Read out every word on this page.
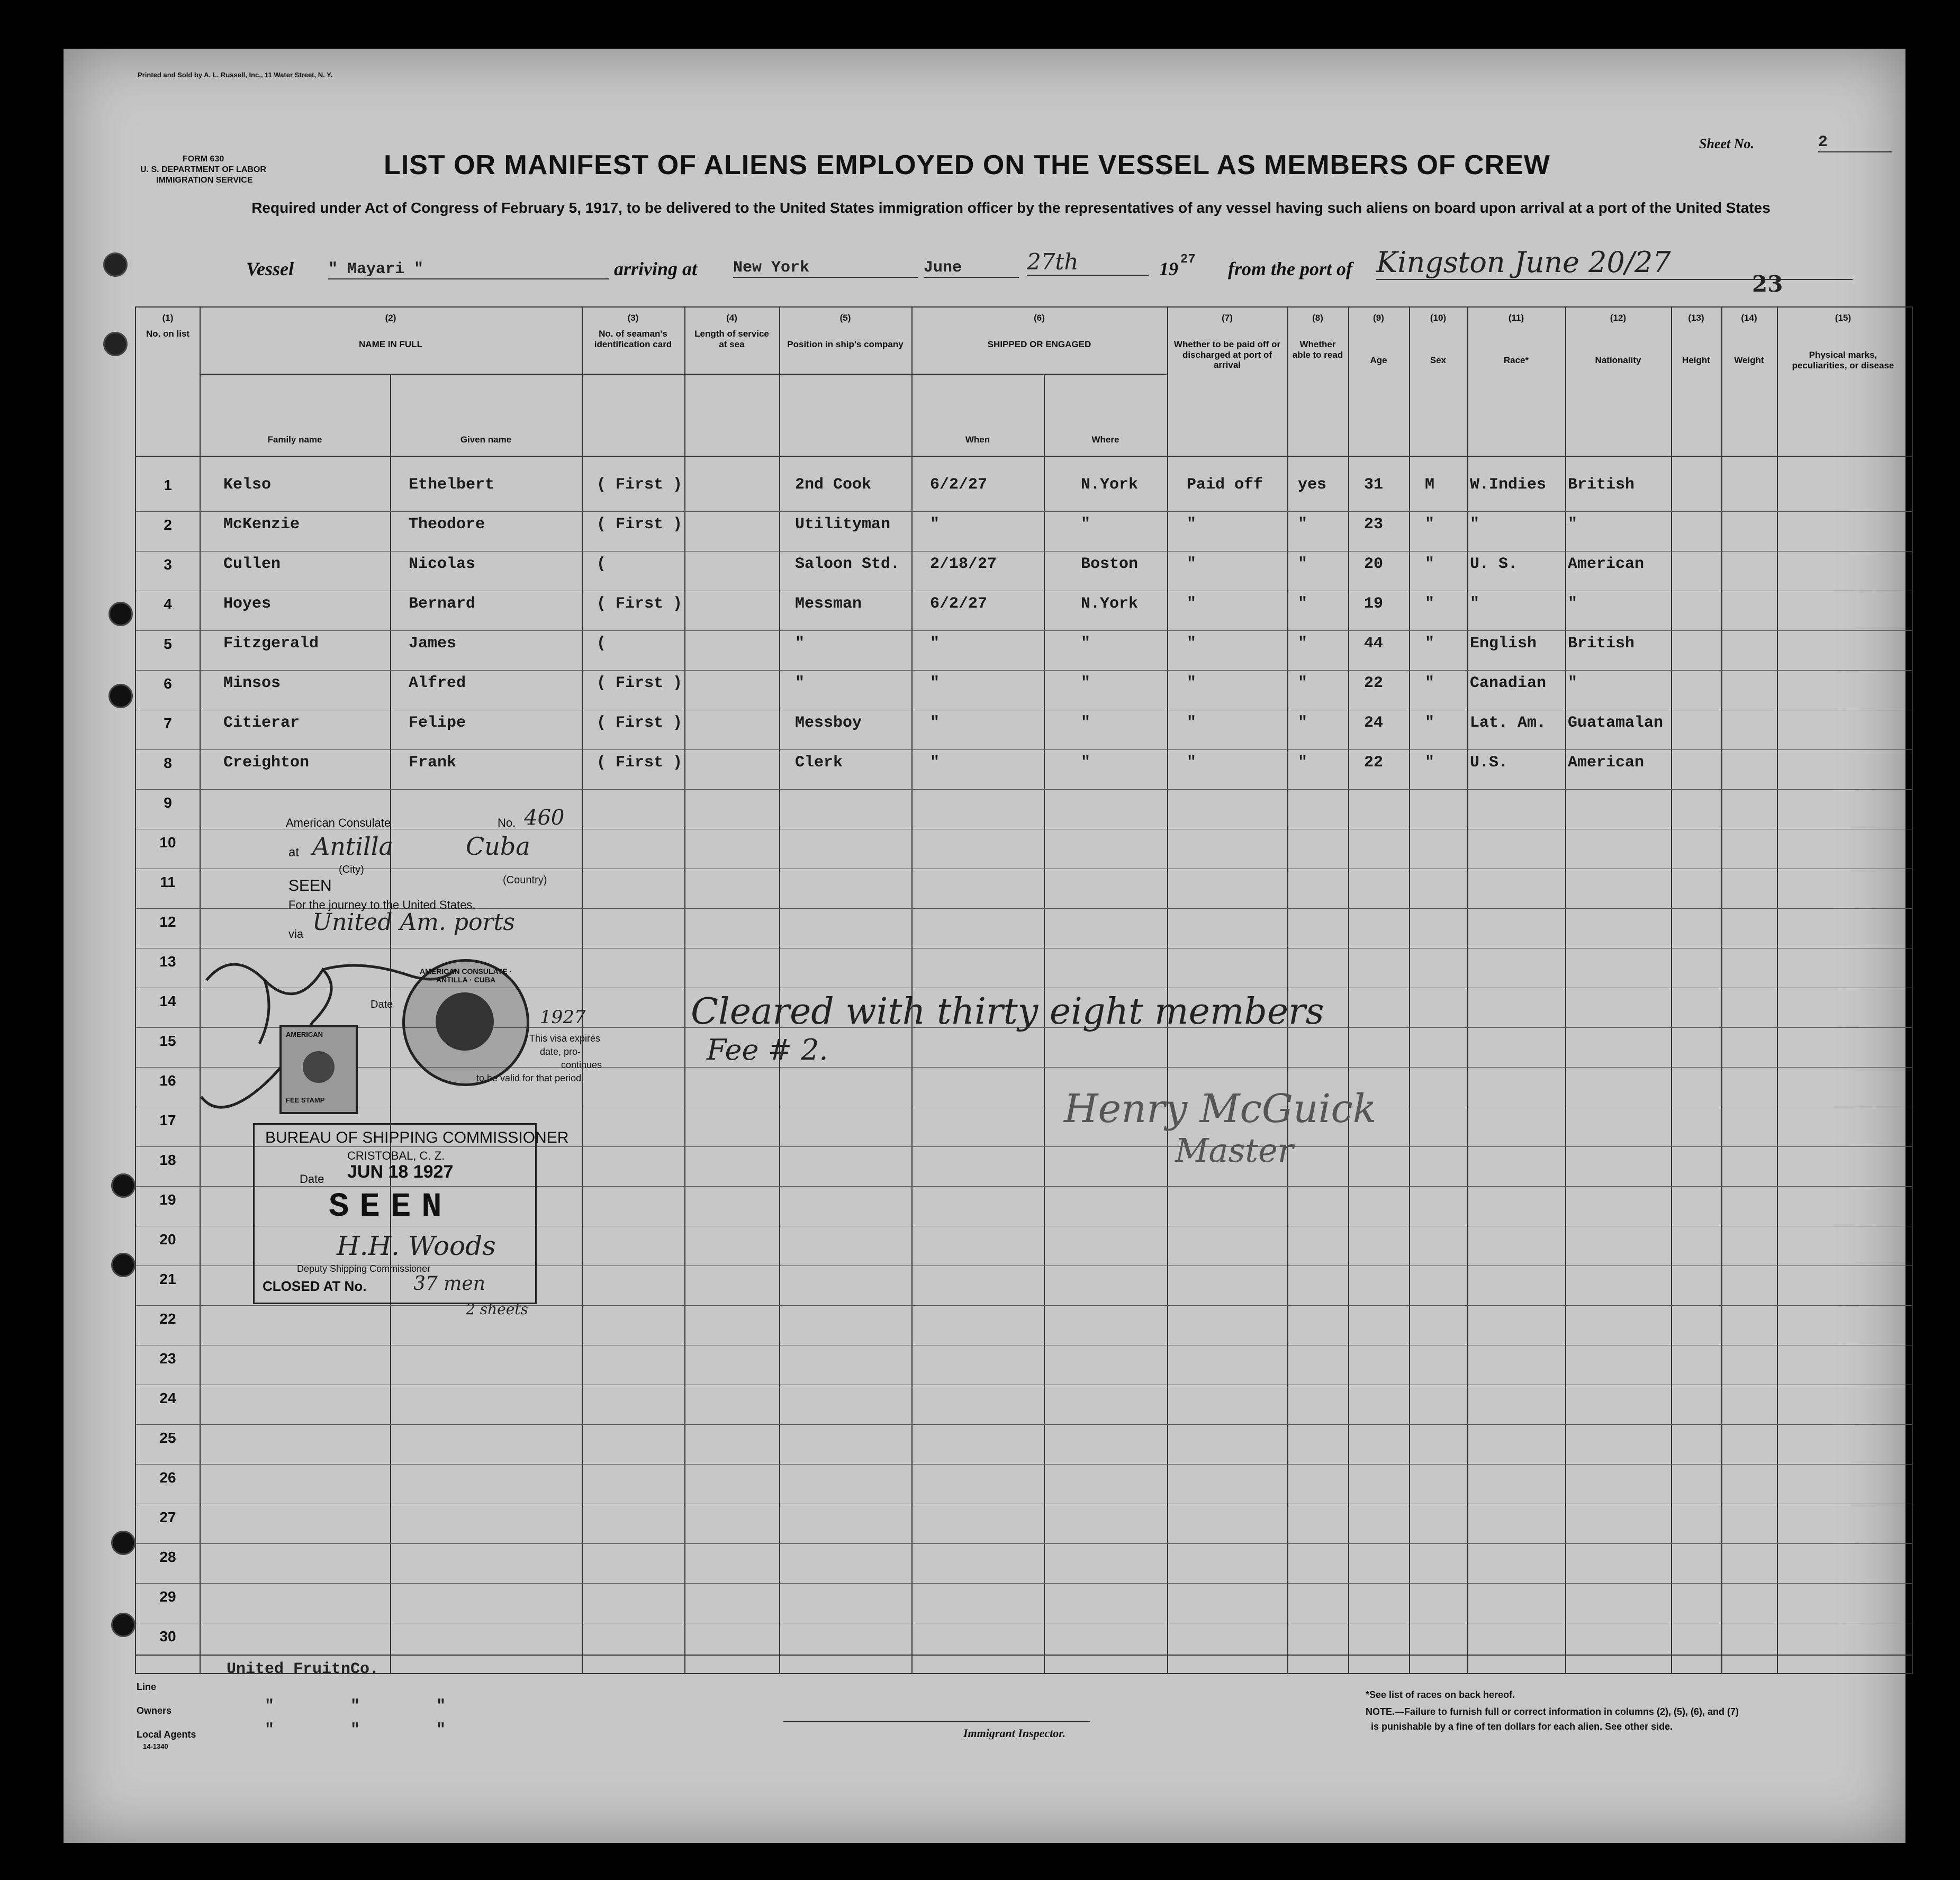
Printed and Sold by A. L. Russell, Inc., 11 Water Street, N. Y.
FORM 630
U. S. DEPARTMENT OF LABOR
IMMIGRATION SERVICE	LIST OR MANIFEST OF ALIENS EMPLOYED ON THE VESSEL AS MEMBERS OF CREW
Required under Act of Congress of February 5, 1917, to be delivered to the United States immigration officer by the representatives of any vessel having such aliens on board upon arrival at a port of the United States
Sheet No.	2
Vessel " Mayari "	arriving at New York	June	27th	19 27 from the port of Kingston June 20/27
23
(1)	(2)	(3)	(4)	(5)	(6)	(7)	(8)	(9)	(10)	(11)	(12)	(13)	(14)	(15)
No. on list
NAME IN FULL
Family name	Given name
No. of seaman's identification card
Length of service at sea	Position in ship's company	SHIPPED OR ENGAGED
When	Where
Whether to be paid off or discharged at port of arrival
Whether able to read
Age	Sex	Race*	Nationality	Height	Weight
Physical marks, peculiarities, or disease
1
2
3
4
5
6
7
8
9
10
11
12
13
14
15
16
17
18
19
20
21
22
23
24
25
26
27
28
29
30
Kelso	Ethelbert	( First )	2nd Cook	6/2/27	N.York	Paid off yes 31	M W.Indies British
McKenzie	Theodore	( First )	Utilityman "	"	"	"	23	" "	"
Cullen	Nicolas	(	Saloon Std. 2/18/27	Boston	"	"	20	" U. S.	American
Hoyes	Bernard	( First )	Messman	6/2/27	N.York	"	"	19	" "	"
Fitzgerald	James	(	"	"	"	"	"	44	" English British
Minsos	Alfred	( First )	"	"	"	"	"	22	" Canadian "
Citierar	Felipe	( First )	Messboy	"	"	"	"	24	" Lat. Am. Guatamalan
Creighton	Frank	( First )	Clerk	"	"	"	"	22	" U.S.	American
American Consulate	No. 460
at Antilla	Cuba
(City)
(Country)
SEEN
For the journey to the United States,
via United Am. ports
Date
1927
This visa expires
date, pro-
continues
to be valid for that period.
AMERICAN CONSULATE · ANTILLA · CUBA
AMERICAN
FEE STAMP
BUREAU OF SHIPPING COMMISSIONER
CRISTOBAL, C. Z.
Date JUN 18 1927
SEEN
H.H. Woods
Deputy Shipping Commissioner
CLOSED AT No. 37 men
2 sheets
Cleared with thirty eight members
Fee # 2.
Henry McGuick
Master
Line
United FruitnCo.
Owners	"        "        "
Local Agents	"        "        "
14-1340
Immigrant Inspector.
*See list of races on back hereof.
NOTE.—Failure to furnish full or correct information in columns (2), (5), (6), and (7)
is punishable by a fine of ten dollars for each alien. See other side.
